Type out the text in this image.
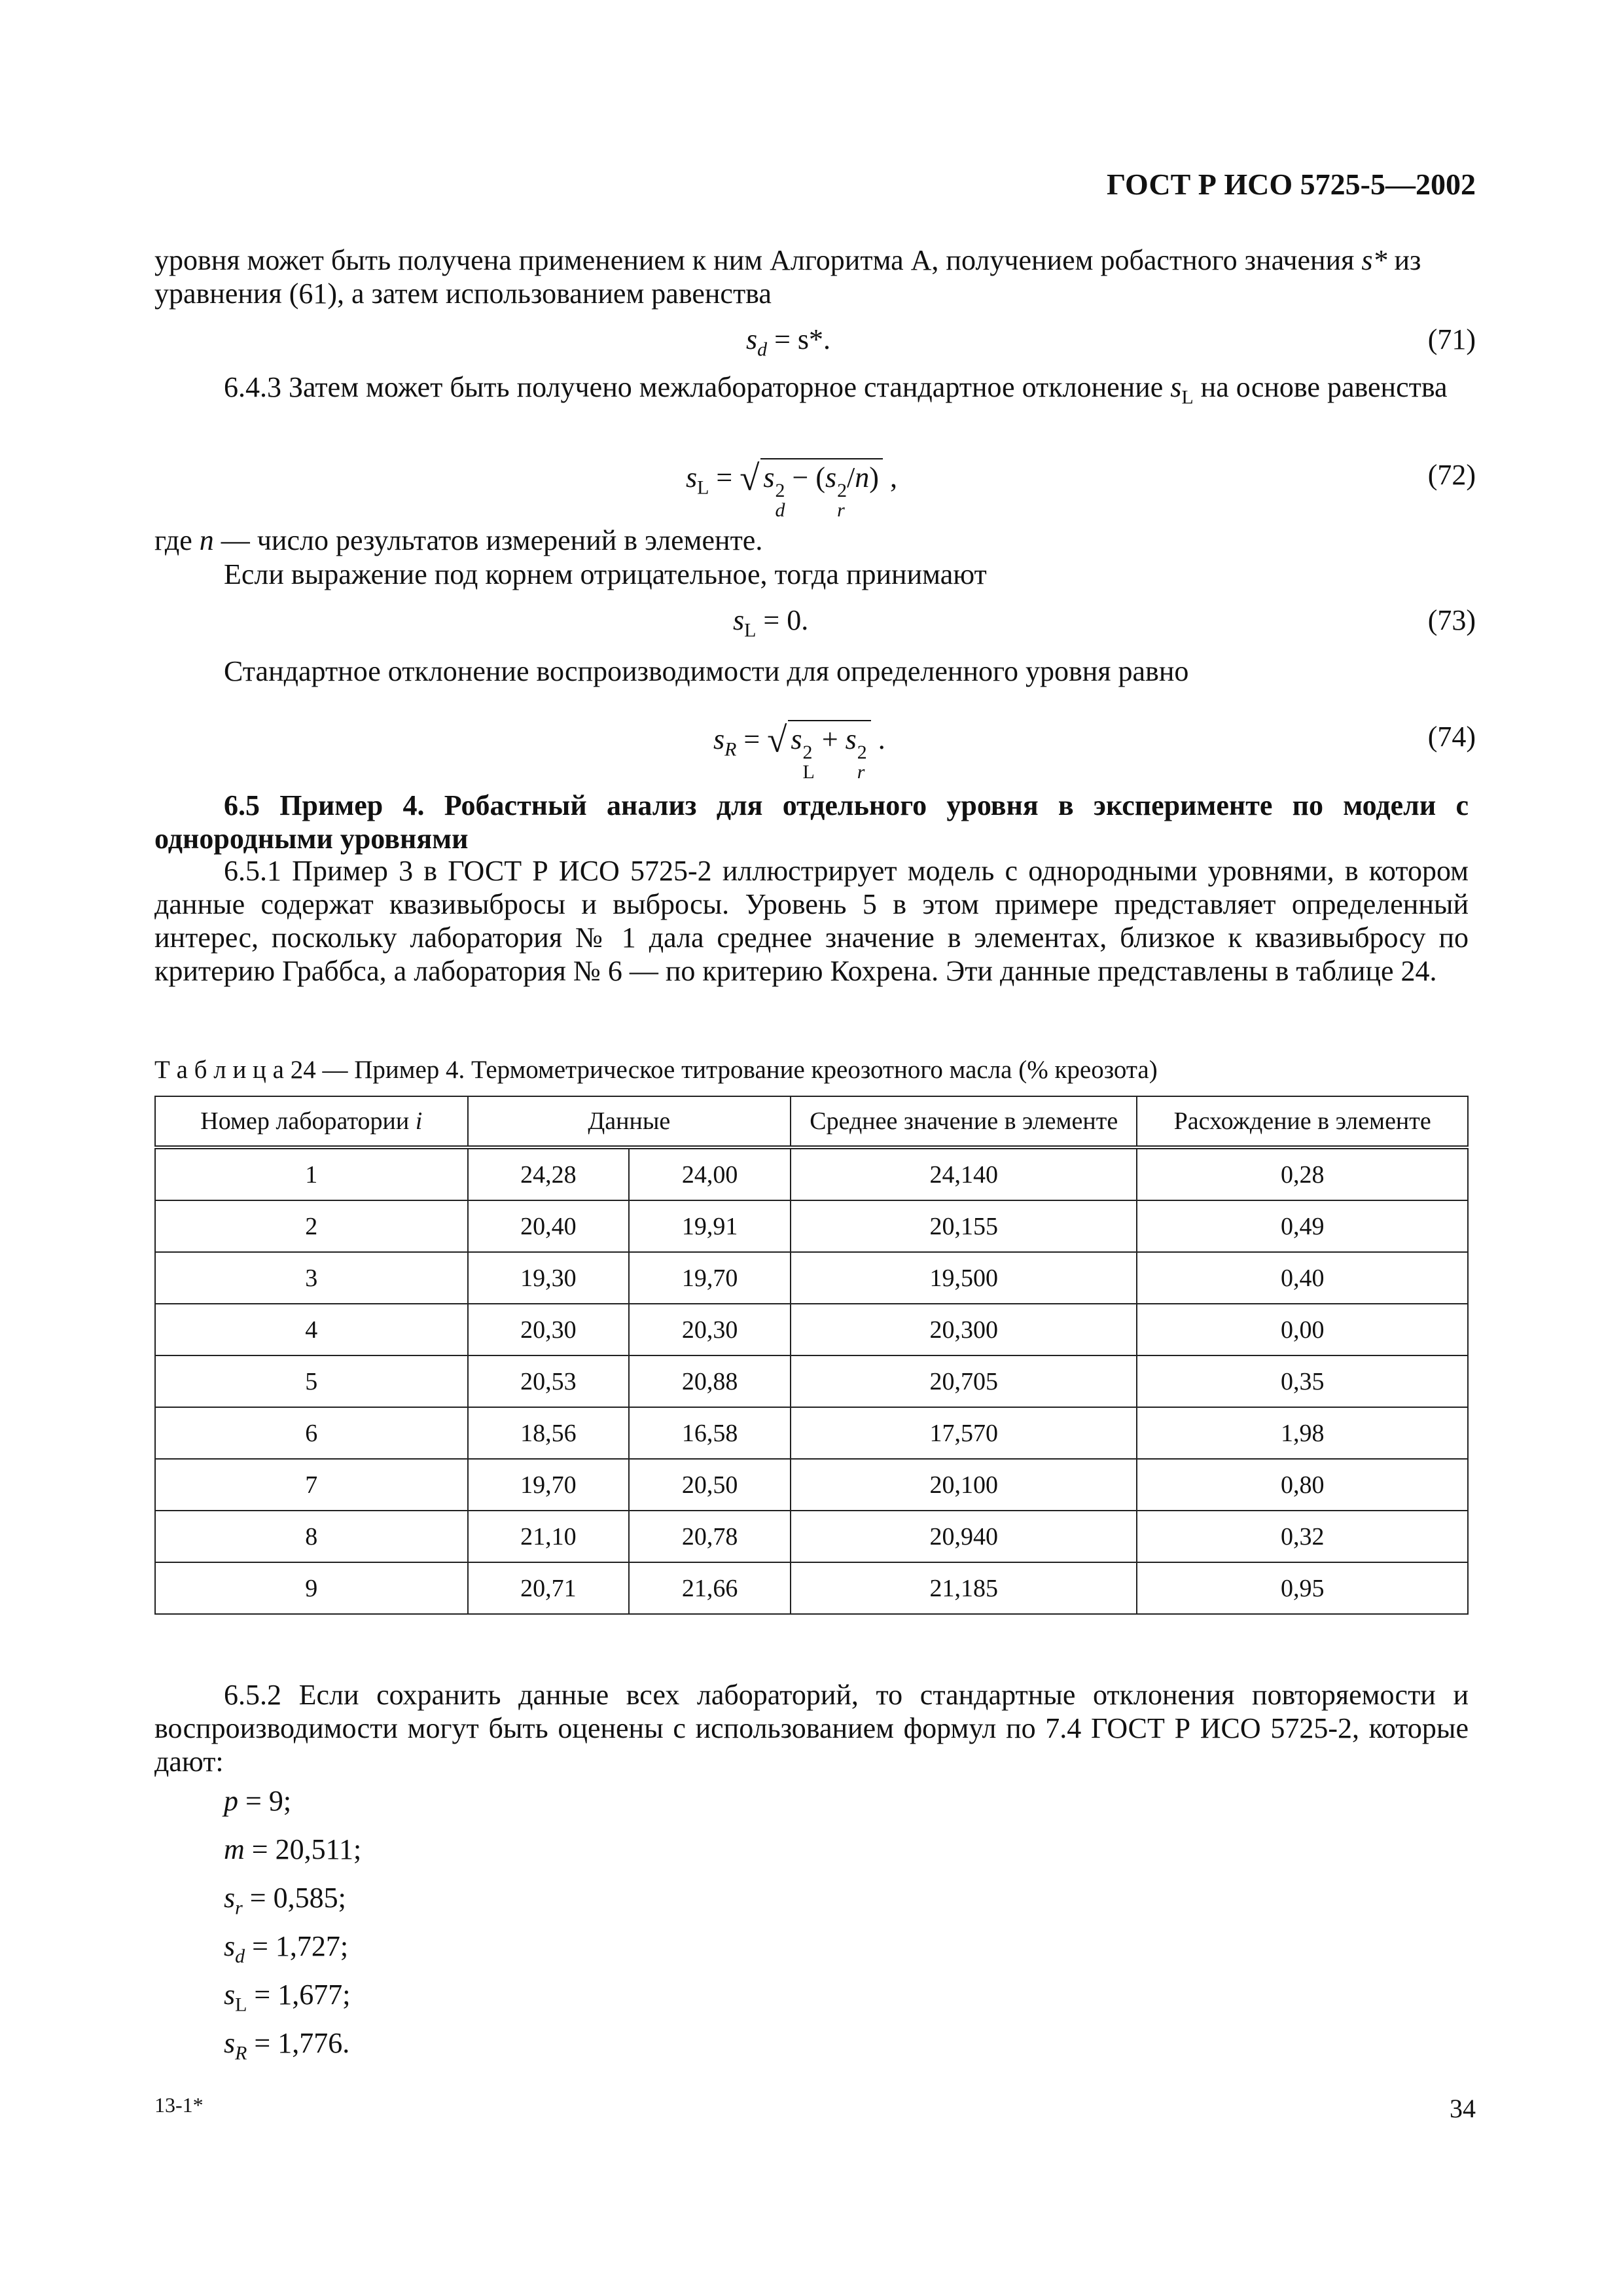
ГОСТ Р ИСО 5725-5—2002
уровня может быть получена применением к ним Алгоритма А, получением робастного значения s* из
уравнения (61), а затем использованием равенства
$s_d = s*$.	(71)
6.4.3 Затем может быть получено межлабораторное стандартное отклонение $s_L$ на основе равенства
$s_L$ = √ s 2
d
− (s 2
r
/n) ,	(72)
где n — число результатов измерений в элементе.
Если выражение под корнем отрицательное, тогда принимают
$s_L = 0$.	(73)
Стандартное отклонение воспроизводимости для определенного уровня равно
$s_R$ = √ s 2
L
+ s 2
r
.	(74)
6.5 Пример 4. Робастный анализ для отдельного уровня в эксперименте по модели с однородными уровнями
6.5.1 Пример 3 в ГОСТ Р ИСО 5725-2 иллюстрирует модель с однородными уровнями, в котором данные содержат квазивыбросы и выбросы. Уровень 5 в этом примере представляет определенный интерес, поскольку лаборатория № 1 дала среднее значение в элементах, близкое к квазивыбросу по критерию Граббса, а лаборатория № 6 — по критерию Кохрена. Эти данные представлены в таблице 24.
Т а б л и ц а 24 — Пример 4. Термометрическое титрование креозотного масла (% креозота)
Номер лаборатории i	Данные		Среднее значение в элементе	Расхождение в элементе
1	24,28	24,00	24,140	0,28
2	20,40	19,91	20,155	0,49
3	19,30	19,70	19,500	0,40
4	20,30	20,30	20,300	0,00
5	20,53	20,88	20,705	0,35
6	18,56	16,58	17,570	1,98
7	19,70	20,50	20,100	0,80
8	21,10	20,78	20,940	0,32
9	20,71	21,66	21,185	0,95
6.5.2 Если сохранить данные всех лабораторий, то стандартные отклонения повторяемости и воспроизводимости могут быть оценены с использованием формул по 7.4 ГОСТ Р ИСО 5725-2, которые дают:
p = 9;
m = 20,511;
$s_r = 0,585$;
$s_d = 1,727$;
$s_L = 1,677$;
$s_R = 1,776$.
13-1*	34
